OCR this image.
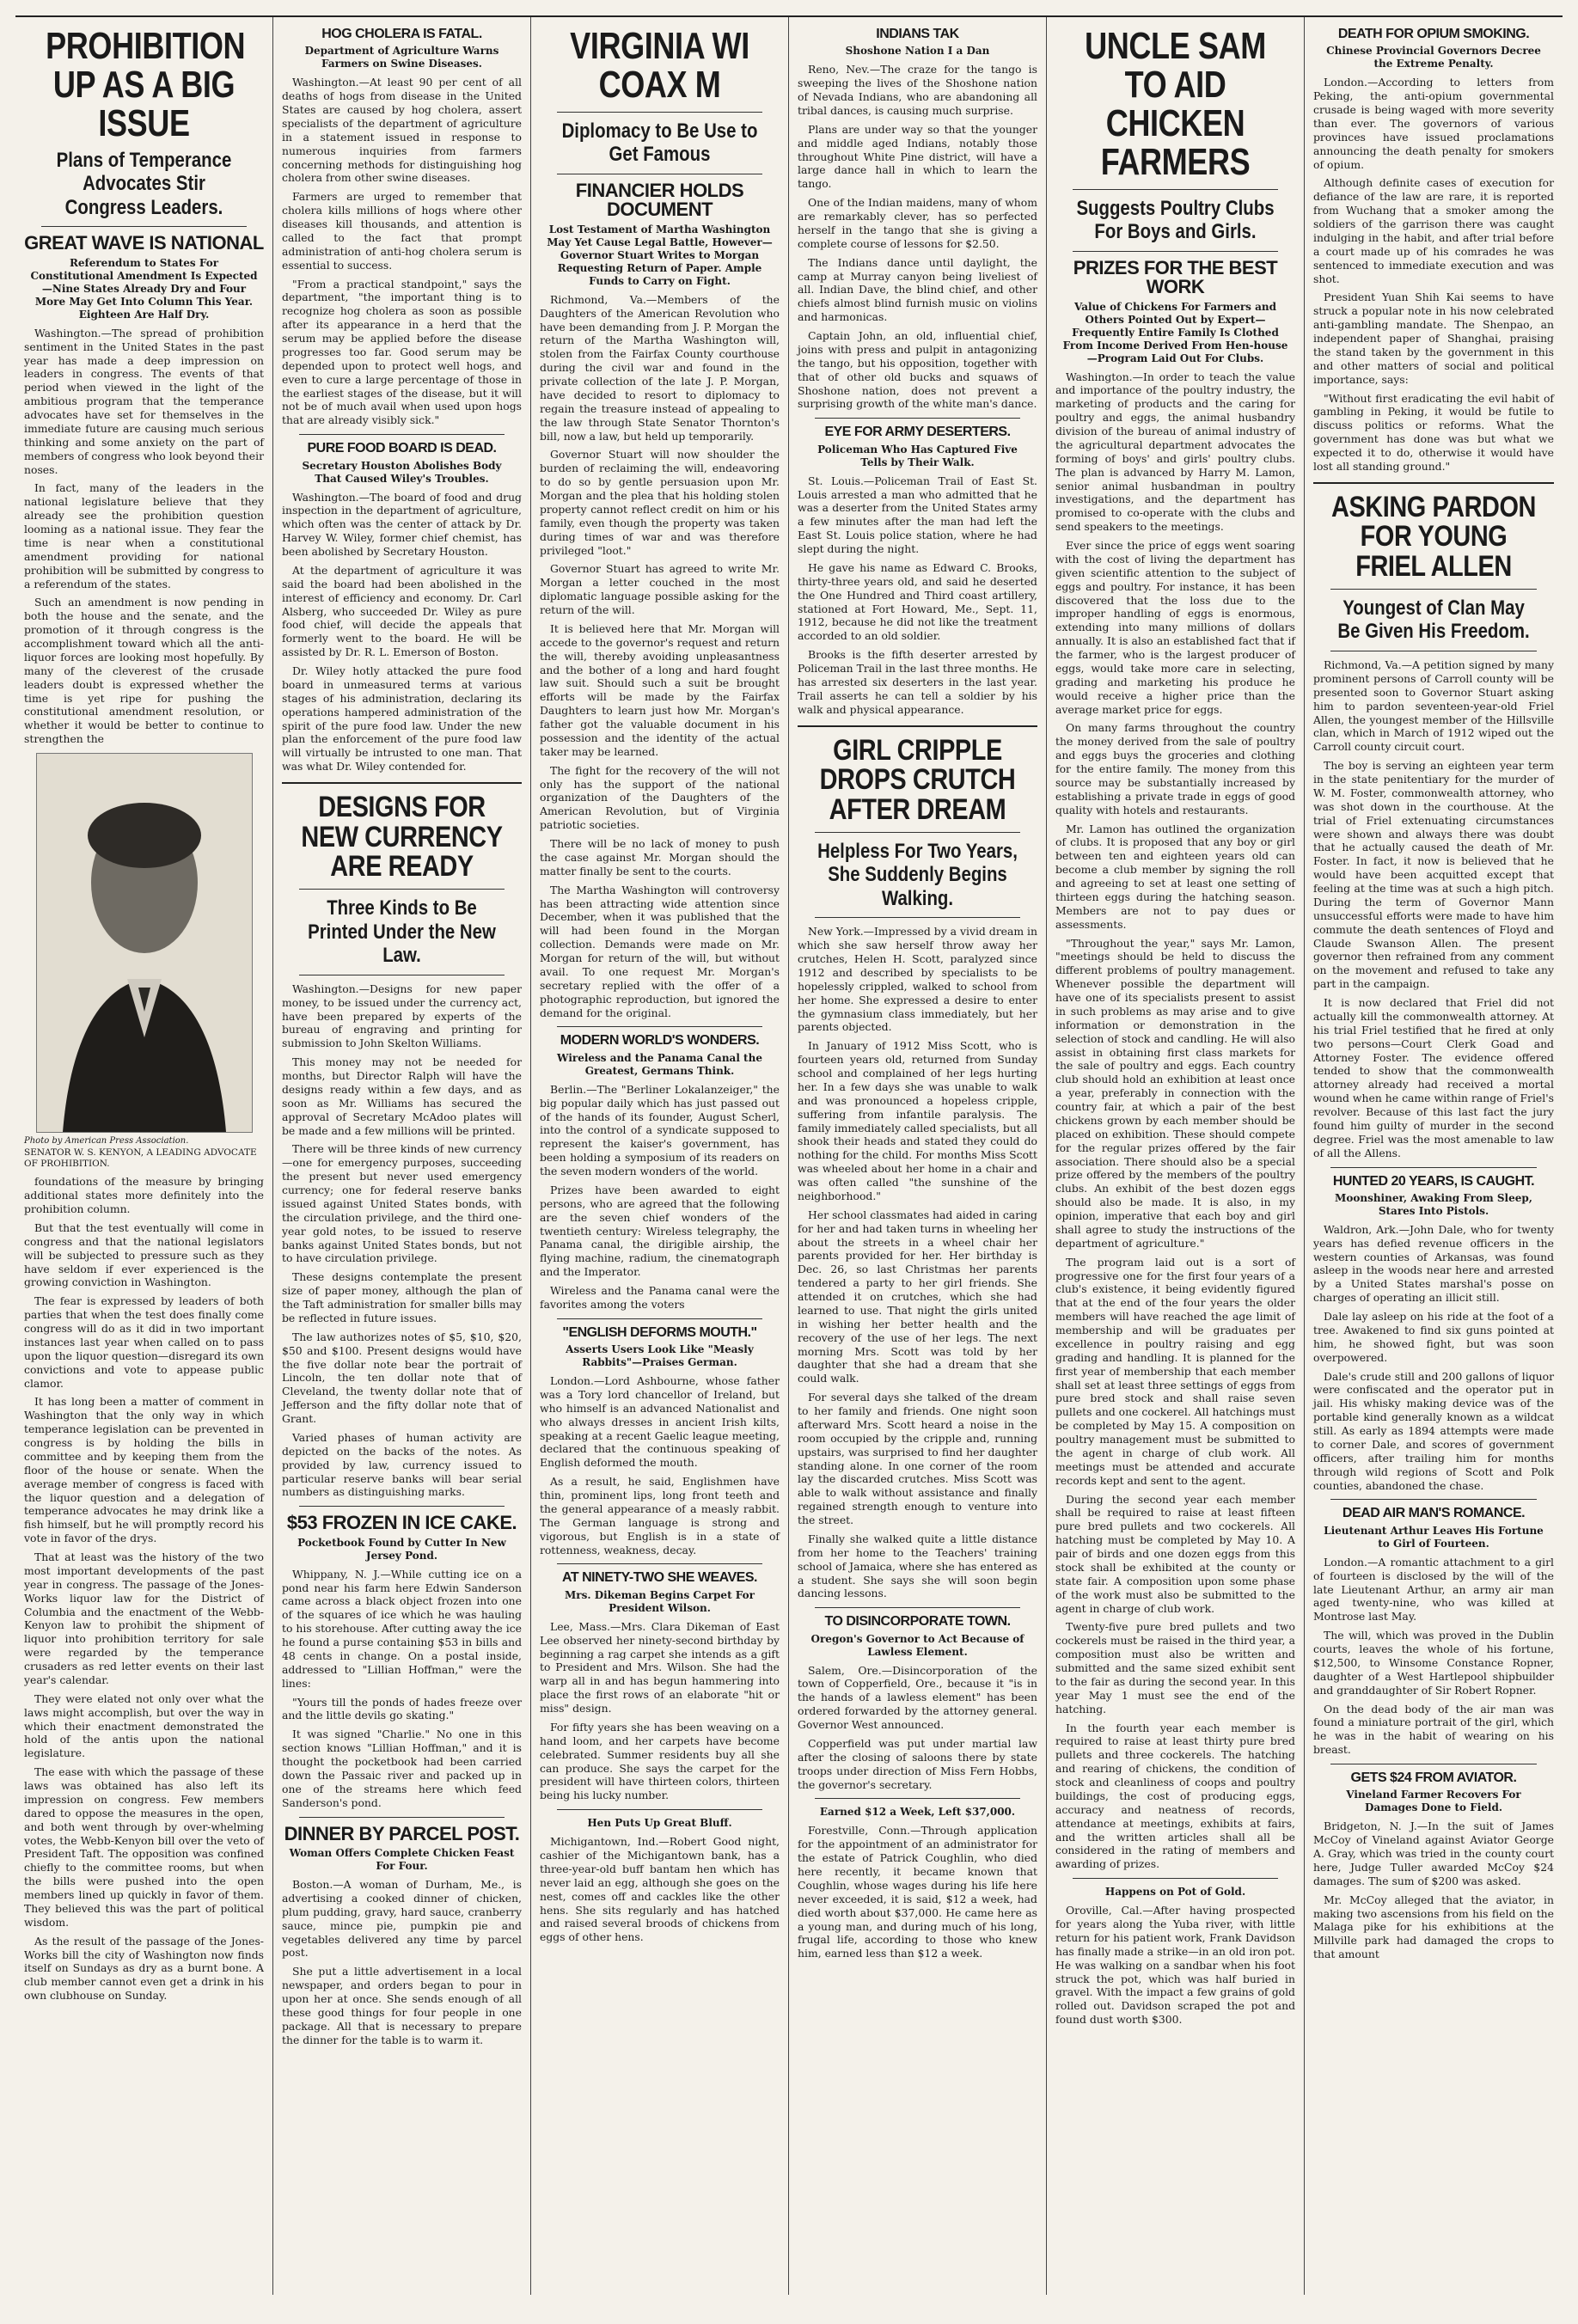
PROHIBITION UP AS A BIG ISSUE
Plans of Temperance Advocates Stir Congress Leaders.
GREAT WAVE IS NATIONAL
Referendum to States For Constitutional Amendment Is Expected—Nine States Already Dry and Four More May Get Into Column This Year. Eighteen Are Half Dry.

Washington.—The spread of prohibition sentiment in the United States in the past year has made a deep impression on leaders in congress. The events of that period when viewed in the light of the ambitious program that the temperance advocates have set for themselves in the immediate future are causing much serious thinking and some anxiety on the part of members of congress who look beyond their noses.

In fact, many of the leaders in the national legislature believe that they already see the prohibition question looming as a national issue. They fear the time is near when a constitutional amendment providing for national prohibition will be submitted by congress to a referendum of the states.

Such an amendment is now pending in both the house and the senate, and the promotion of it through congress is the accomplishment toward which all the anti-liquor forces are looking most hopefully. By many of the cleverest of the crusade leaders doubt is expressed whether the time is yet ripe for pushing the constitutional amendment resolution, or whether it would be better to continue to strengthen the

Photo by American Press Association.
SENATOR W. S. KENYON, A LEADING ADVOCATE OF PROHIBITION.

foundations of the measure by bringing additional states more definitely into the prohibition column.

But that the test eventually will come in congress and that the national legislators will be subjected to pressure such as they have seldom if ever experienced is the growing conviction in Washington.

The fear is expressed by leaders of both parties that when the test does finally come congress will do as it did in two important instances last year when called on to pass upon the liquor question—disregard its own convictions and vote to appease public clamor.

It has long been a matter of comment in Washington that the only way in which temperance legislation can be prevented in congress is by holding the bills in committee and by keeping them from the floor of the house or senate. When the average member of congress is faced with the liquor question and a delegation of temperance advocates he may drink like a fish himself, but he will promptly record his vote in favor of the drys.

That at least was the history of the two most important developments of the past year in congress. The passage of the Jones-Works liquor law for the District of Columbia and the enactment of the Webb-Kenyon law to prohibit the shipment of liquor into prohibition territory for sale were regarded by the temperance crusaders as red letter events on their last year's calendar.

They were elated not only over what the laws might accomplish, but over the way in which their enactment demonstrated the hold of the antis upon the national legislature.

The ease with which the passage of these laws was obtained has also left its impression on congress. Few members dared to oppose the measures in the open, and both went through by over-whelming votes, the Webb-Kenyon bill over the veto of President Taft. The opposition was confined chiefly to the committee rooms, but when the bills were pushed into the open members lined up quickly in favor of them. They believed this was the part of political wisdom.

As the result of the passage of the Jones-Works bill the city of Washington now finds itself on Sundays as dry as a burnt bone. A club member cannot even get a drink in his own clubhouse on Sunday.

HOG CHOLERA IS FATAL.
Department of Agriculture Warns Farmers on Swine Diseases.

Washington.—At least 90 per cent of all deaths of hogs from disease in the United States are caused by hog cholera, assert specialists of the department of agriculture in a statement issued in response to numerous inquiries from farmers concerning methods for distinguishing hog cholera from other swine diseases.

Farmers are urged to remember that cholera kills millions of hogs where other diseases kill thousands, and attention is called to the fact that prompt administration of anti-hog cholera serum is essential to success.

"From a practical standpoint," says the department, "the important thing is to recognize hog cholera as soon as possible after its appearance in a herd that the serum may be applied before the disease progresses too far. Good serum may be depended upon to protect well hogs, and even to cure a large percentage of those in the earliest stages of the disease, but it will not be of much avail when used upon hogs that are already visibly sick."

PURE FOOD BOARD IS DEAD.
Secretary Houston Abolishes Body That Caused Wiley's Troubles.

Washington.—The board of food and drug inspection in the department of agriculture, which often was the center of attack by Dr. Harvey W. Wiley, former chief chemist, has been abolished by Secretary Houston.

At the department of agriculture it was said the board had been abolished in the interest of efficiency and economy. Dr. Carl Alsberg, who succeeded Dr. Wiley as pure food chief, will decide the appeals that formerly went to the board. He will be assisted by Dr. R. L. Emerson of Boston.

Dr. Wiley hotly attacked the pure food board in unmeasured terms at various stages of his administration, declaring its operations hampered administration of the spirit of the pure food law. Under the new plan the enforcement of the pure food law will virtually be intrusted to one man. That was what Dr. Wiley contended for.

DESIGNS FOR NEW CURRENCY ARE READY
Three Kinds to Be Printed Under the New Law.

Washington.—Designs for new paper money, to be issued under the currency act, have been prepared by experts of the bureau of engraving and printing for submission to John Skelton Williams.

This money may not be needed for months, but Director Ralph will have the designs ready within a few days, and as soon as Mr. Williams has secured the approval of Secretary McAdoo plates will be made and a few millions will be printed.

There will be three kinds of new currency—one for emergency purposes, succeeding the present but never used emergency currency; one for federal reserve banks issued against United States bonds, with the circulation privilege, and the third one-year gold notes, to be issued to reserve banks against United States bonds, but not to have circulation privilege.

These designs contemplate the present size of paper money, although the plan of the Taft administration for smaller bills may be reflected in future issues.

The law authorizes notes of $5, $10, $20, $50 and $100. Present designs would have the five dollar note bear the portrait of Lincoln, the ten dollar note that of Cleveland, the twenty dollar note that of Jefferson and the fifty dollar note that of Grant.

Varied phases of human activity are depicted on the backs of the notes. As provided by law, currency issued to particular reserve banks will bear serial numbers as distinguishing marks.

$53 FROZEN IN ICE CAKE.
Pocketbook Found by Cutter In New Jersey Pond.

Whippany, N. J.—While cutting ice on a pond near his farm here Edwin Sanderson came across a black object frozen into one of the squares of ice which he was hauling to his storehouse. After cutting away the ice he found a purse containing $53 in bills and 48 cents in change. On a postal inside, addressed to "Lillian Hoffman," were the lines:

"Yours till the ponds of hades freeze over and the little devils go skating."

It was signed "Charlie." No one in this section knows "Lillian Hoffman," and it is thought the pocketbook had been carried down the Passaic river and packed up in one of the streams here which feed Sanderson's pond.

DINNER BY PARCEL POST.
Woman Offers Complete Chicken Feast For Four.

Boston.—A woman of Durham, Me., is advertising a cooked dinner of chicken, plum pudding, gravy, hard sauce, cranberry sauce, mince pie, pumpkin pie and vegetables delivered any time by parcel post.

She put a little advertisement in a local newspaper, and orders began to pour in upon her at once. She sends enough of all these good things for four people in one package. All that is necessary to prepare the dinner for the table is to warm it.

VIRGINIA WI COAX M
Diplomacy to Be Use to Get Famous
FINANCIER HOLDS DOCUMENT
Lost Testament of Martha Washington May Yet Cause Legal Battle, However—Governor Stuart Writes to Morgan Requesting Return of Paper. Ample Funds to Carry on Fight.

Richmond, Va.—Members of the Daughters of the American Revolution who have been demanding from J. P. Morgan the return of the Martha Washington will, stolen from the Fairfax County courthouse during the civil war and found in the private collection of the late J. P. Morgan, have decided to resort to diplomacy to regain the treasure instead of appealing to the law through State Senator Thornton's bill, now a law, but held up temporarily.

Governor Stuart will now shoulder the burden of reclaiming the will, endeavoring to do so by gentle persuasion upon Mr. Morgan and the plea that his holding stolen property cannot reflect credit on him or his family, even though the property was taken during times of war and was therefore privileged "loot."

Governor Stuart has agreed to write Mr. Morgan a letter couched in the most diplomatic language possible asking for the return of the will.

It is believed here that Mr. Morgan will accede to the governor's request and return the will, thereby avoiding unpleasantness and the bother of a long and hard fought law suit. Should such a suit be brought efforts will be made by the Fairfax Daughters to learn just how Mr. Morgan's father got the valuable document in his possession and the identity of the actual taker may be learned.

The fight for the recovery of the will not only has the support of the national organization of the Daughters of the American Revolution, but of Virginia patriotic societies.

There will be no lack of money to push the case against Mr. Morgan should the matter finally be sent to the courts.

The Martha Washington will controversy has been attracting wide attention since December, when it was published that the will had been found in the Morgan collection. Demands were made on Mr. Morgan for return of the will, but without avail. To one request Mr. Morgan's secretary replied with the offer of a photographic reproduction, but ignored the demand for the original.

MODERN WORLD'S WONDERS.
Wireless and the Panama Canal the Greatest, Germans Think.

Berlin.—The "Berliner Lokalanzeiger," the big popular daily which has just passed out of the hands of its founder, August Scherl, into the control of a syndicate supposed to represent the kaiser's government, has been holding a symposium of its readers on the seven modern wonders of the world.

Prizes have been awarded to eight persons, who are agreed that the following are the seven chief wonders of the twentieth century: Wireless telegraphy, the Panama canal, the dirigible airship, the flying machine, radium, the cinematograph and the Imperator.

Wireless and the Panama canal were the favorites among the voters

"ENGLISH DEFORMS MOUTH."
Asserts Users Look Like "Measly Rabbits"—Praises German.

London.—Lord Ashbourne, whose father was a Tory lord chancellor of Ireland, but who himself is an advanced Nationalist and who always dresses in ancient Irish kilts, speaking at a recent Gaelic league meeting, declared that the continuous speaking of English deformed the mouth.

As a result, he said, Englishmen have thin, prominent lips, long front teeth and the general appearance of a measly rabbit. The German language is strong and vigorous, but English is in a state of rottenness, weakness, decay.

AT NINETY-TWO SHE WEAVES.
Mrs. Dikeman Begins Carpet For President Wilson.

Lee, Mass.—Mrs. Clara Dikeman of East Lee observed her ninety-second birthday by beginning a rag carpet she intends as a gift to President and Mrs. Wilson. She had the warp all in and has begun hammering into place the first rows of an elaborate "hit or miss" design.

For fifty years she has been weaving on a hand loom, and her carpets have become celebrated. Summer residents buy all she can produce. She says the carpet for the president will have thirteen colors, thirteen being his lucky number.

Hen Puts Up Great Bluff.

Michigantown, Ind.—Robert Good night, cashier of the Michigantown bank, has a three-year-old buff bantam hen which has never laid an egg, although she goes on the nest, comes off and cackles like the other hens. She sits regularly and has hatched and raised several broods of chickens from eggs of other hens.

INDIANS TAK
Shoshone Nation I a Dan

Reno, Nev.—The craze for the tango is sweeping the lives of the Shoshone nation of Nevada Indians, who are abandoning all tribal dances, is causing much surprise.

Plans are under way so that the younger and middle aged Indians, notably those throughout White Pine district, will have a large dance hall in which to learn the tango.

One of the Indian maidens, many of whom are remarkably clever, has so perfected herself in the tango that she is giving a complete course of lessons for $2.50.

The Indians dance until daylight, the camp at Murray canyon being liveliest of all. Indian Dave, the blind chief, and other chiefs almost blind furnish music on violins and harmonicas.

Captain John, an old, influential chief, joins with press and pulpit in antagonizing the tango, but his opposition, together with that of other old bucks and squaws of Shoshone nation, does not prevent a surprising growth of the white man's dance.

EYE FOR ARMY DESERTERS.
Policeman Who Has Captured Five Tells by Their Walk.

St. Louis.—Policeman Trail of East St. Louis arrested a man who admitted that he was a deserter from the United States army a few minutes after the man had left the East St. Louis police station, where he had slept during the night.

He gave his name as Edward C. Brooks, thirty-three years old, and said he deserted the One Hundred and Third coast artillery, stationed at Fort Howard, Me., Sept. 11, 1912, because he did not like the treatment accorded to an old soldier.

Brooks is the fifth deserter arrested by Policeman Trail in the last three months. He has arrested six deserters in the last year. Trail asserts he can tell a soldier by his walk and physical appearance.

GIRL CRIPPLE DROPS CRUTCH AFTER DREAM
Helpless For Two Years, She Suddenly Begins Walking.

New York.—Impressed by a vivid dream in which she saw herself throw away her crutches, Helen H. Scott, paralyzed since 1912 and described by specialists to be hopelessly crippled, walked to school from her home. She expressed a desire to enter the gymnasium class immediately, but her parents objected.

In January of 1912 Miss Scott, who is fourteen years old, returned from Sunday school and complained of her legs hurting her. In a few days she was unable to walk and was pronounced a hopeless cripple, suffering from infantile paralysis. The family immediately called specialists, but all shook their heads and stated they could do nothing for the child. For months Miss Scott was wheeled about her home in a chair and was often called "the sunshine of the neighborhood."

Her school classmates had aided in caring for her and had taken turns in wheeling her about the streets in a wheel chair her parents provided for her. Her birthday is Dec. 26, so last Christmas her parents tendered a party to her girl friends. She attended it on crutches, which she had learned to use. That night the girls united in wishing her better health and the recovery of the use of her legs. The next morning Mrs. Scott was told by her daughter that she had a dream that she could walk.

For several days she talked of the dream to her family and friends. One night soon afterward Mrs. Scott heard a noise in the room occupied by the cripple and, running upstairs, was surprised to find her daughter standing alone. In one corner of the room lay the discarded crutches. Miss Scott was able to walk without assistance and finally regained strength enough to venture into the street.

Finally she walked quite a little distance from her home to the Teachers' training school of Jamaica, where she has entered as a student. She says she will soon begin dancing lessons.

TO DISINCORPORATE TOWN.
Oregon's Governor to Act Because of Lawless Element.

Salem, Ore.—Disincorporation of the town of Copperfield, Ore., because it "is in the hands of a lawless element" has been ordered forwarded by the attorney general. Governor West announced.

Copperfield was put under martial law after the closing of saloons there by state troops under direction of Miss Fern Hobbs, the governor's secretary.

Earned $12 a Week, Left $37,000.

Forestville, Conn.—Through application for the appointment of an administrator for the estate of Patrick Coughlin, who died here recently, it became known that Coughlin, whose wages during his life here never exceeded, it is said, $12 a week, had died worth about $37,000. He came here as a young man, and during much of his long, frugal life, according to those who knew him, earned less than $12 a week.

UNCLE SAM TO AID CHICKEN FARMERS
Suggests Poultry Clubs For Boys and Girls.
PRIZES FOR THE BEST WORK
Value of Chickens For Farmers and Others Pointed Out by Expert—Frequently Entire Family Is Clothed From Income Derived From Hen-house—Program Laid Out For Clubs.

Washington.—In order to teach the value and importance of the poultry industry, the marketing of products and the caring for poultry and eggs, the animal husbandry division of the bureau of animal industry of the agricultural department advocates the forming of boys' and girls' poultry clubs. The plan is advanced by Harry M. Lamon, senior animal husbandman in poultry investigations, and the department has promised to co-operate with the clubs and send speakers to the meetings.

Ever since the price of eggs went soaring with the cost of living the department has given scientific attention to the subject of eggs and poultry. For instance, it has been discovered that the loss due to the improper handling of eggs is enormous, extending into many millions of dollars annually. It is also an established fact that if the farmer, who is the largest producer of eggs, would take more care in selecting, grading and marketing his produce he would receive a higher price than the average market price for eggs.

On many farms throughout the country the money derived from the sale of poultry and eggs buys the groceries and clothing for the entire family. The money from this source may be substantially increased by establishing a private trade in eggs of good quality with hotels and restaurants.

Mr. Lamon has outlined the organization of clubs. It is proposed that any boy or girl between ten and eighteen years old can become a club member by signing the roll and agreeing to set at least one setting of thirteen eggs during the hatching season. Members are not to pay dues or assessments.

"Throughout the year," says Mr. Lamon, "meetings should be held to discuss the different problems of poultry management. Whenever possible the department will have one of its specialists present to assist in such problems as may arise and to give information or demonstration in the selection of stock and candling. He will also assist in obtaining first class markets for the sale of poultry and eggs. Each country club should hold an exhibition at least once a year, preferably in connection with the country fair, at which a pair of the best chickens grown by each member should be placed on exhibition. These should compete for the regular prizes offered by the fair association. There should also be a special prize offered by the members of the poultry clubs. An exhibit of the best dozen eggs should also be made. It is also, in my opinion, imperative that each boy and girl shall agree to study the instructions of the department of agriculture."

The program laid out is a sort of progressive one for the first four years of a club's existence, it being evidently figured that at the end of the four years the older members will have reached the age limit of membership and will be graduates per excellence in poultry raising and egg grading and handling. It is planned for the first year of membership that each member shall set at least three settings of eggs from pure bred stock and shall raise seven pullets and one cockerel. All hatchings must be completed by May 15. A composition on poultry management must be submitted to the agent in charge of club work. All meetings must be attended and accurate records kept and sent to the agent.

During the second year each member shall be required to raise at least fifteen pure bred pullets and two cockerels. All hatching must be completed by May 10. A pair of birds and one dozen eggs from this stock shall be exhibited at the county or state fair. A composition upon some phase of the work must also be submitted to the agent in charge of club work.

Twenty-five pure bred pullets and two cockerels must be raised in the third year, a composition must also be written and submitted and the same sized exhibit sent to the fair as during the second year. In this year May 1 must see the end of the hatching.

In the fourth year each member is required to raise at least thirty pure bred pullets and three cockerels. The hatching and rearing of chickens, the condition of stock and cleanliness of coops and poultry buildings, the cost of producing eggs, accuracy and neatness of records, attendance at meetings, exhibits at fairs, and the written articles shall all be considered in the rating of members and awarding of prizes.

Happens on Pot of Gold.

Oroville, Cal.—After having prospected for years along the Yuba river, with little return for his patient work, Frank Davidson has finally made a strike—in an old iron pot. He was walking on a sandbar when his foot struck the pot, which was half buried in gravel. With the impact a few grains of gold rolled out. Davidson scraped the pot and found dust worth $300.

DEATH FOR OPIUM SMOKING.
Chinese Provincial Governors Decree the Extreme Penalty.

London.—According to letters from Peking, the anti-opium governmental crusade is being waged with more severity than ever. The governors of various provinces have issued proclamations announcing the death penalty for smokers of opium.

Although definite cases of execution for defiance of the law are rare, it is reported from Wuchang that a smoker among the soldiers of the garrison there was caught indulging in the habit, and after trial before a court made up of his comrades he was sentenced to immediate execution and was shot.

President Yuan Shih Kai seems to have struck a popular note in his now celebrated anti-gambling mandate. The Shenpao, an independent paper of Shanghai, praising the stand taken by the government in this and other matters of social and political importance, says:

"Without first eradicating the evil habit of gambling in Peking, it would be futile to discuss politics or reforms. What the government has done was but what we expected it to do, otherwise it would have lost all standing ground."

ASKING PARDON FOR YOUNG FRIEL ALLEN
Youngest of Clan May Be Given His Freedom.

Richmond, Va.—A petition signed by many prominent persons of Carroll county will be presented soon to Governor Stuart asking him to pardon seventeen-year-old Friel Allen, the youngest member of the Hillsville clan, which in March of 1912 wiped out the Carroll county circuit court.

The boy is serving an eighteen year term in the state penitentiary for the murder of W. M. Foster, commonwealth attorney, who was shot down in the courthouse. At the trial of Friel extenuating circumstances were shown and always there was doubt that he actually caused the death of Mr. Foster. In fact, it now is believed that he would have been acquitted except that feeling at the time was at such a high pitch. During the term of Governor Mann unsuccessful efforts were made to have him commute the death sentences of Floyd and Claude Swanson Allen. The present governor then refrained from any comment on the movement and refused to take any part in the campaign.

It is now declared that Friel did not actually kill the commonwealth attorney. At his trial Friel testified that he fired at only two persons—Court Clerk Goad and Attorney Foster. The evidence offered tended to show that the commonwealth attorney already had received a mortal wound when he came within range of Friel's revolver. Because of this last fact the jury found him guilty of murder in the second degree. Friel was the most amenable to law of all the Allens.

HUNTED 20 YEARS, IS CAUGHT.
Moonshiner, Awaking From Sleep, Stares Into Pistols.

Waldron, Ark.—John Dale, who for twenty years has defied revenue officers in the western counties of Arkansas, was found asleep in the woods near here and arrested by a United States marshal's posse on charges of operating an illicit still.

Dale lay asleep on his ride at the foot of a tree. Awakened to find six guns pointed at him, he showed fight, but was soon overpowered.

Dale's crude still and 200 gallons of liquor were confiscated and the operator put in jail. His whisky making device was of the portable kind generally known as a wildcat still. As early as 1894 attempts were made to corner Dale, and scores of government officers, after trailing him for months through wild regions of Scott and Polk counties, abandoned the chase.

DEAD AIR MAN'S ROMANCE.
Lieutenant Arthur Leaves His Fortune to Girl of Fourteen.

London.—A romantic attachment to a girl of fourteen is disclosed by the will of the late Lieutenant Arthur, an army air man aged twenty-nine, who was killed at Montrose last May.

The will, which was proved in the Dublin courts, leaves the whole of his fortune, $12,500, to Winsome Constance Ropner, daughter of a West Hartlepool shipbuilder and granddaughter of Sir Robert Ropner.

On the dead body of the air man was found a miniature portrait of the girl, which he was in the habit of wearing on his breast.

GETS $24 FROM AVIATOR.
Vineland Farmer Recovers For Damages Done to Field.

Bridgeton, N. J.—In the suit of James McCoy of Vineland against Aviator George A. Gray, which was tried in the county court here, Judge Tuller awarded McCoy $24 damages. The sum of $200 was asked.

Mr. McCoy alleged that the aviator, in making two ascensions from his field on the Malaga pike for his exhibitions at the Millville park had damaged the crops to that amount
